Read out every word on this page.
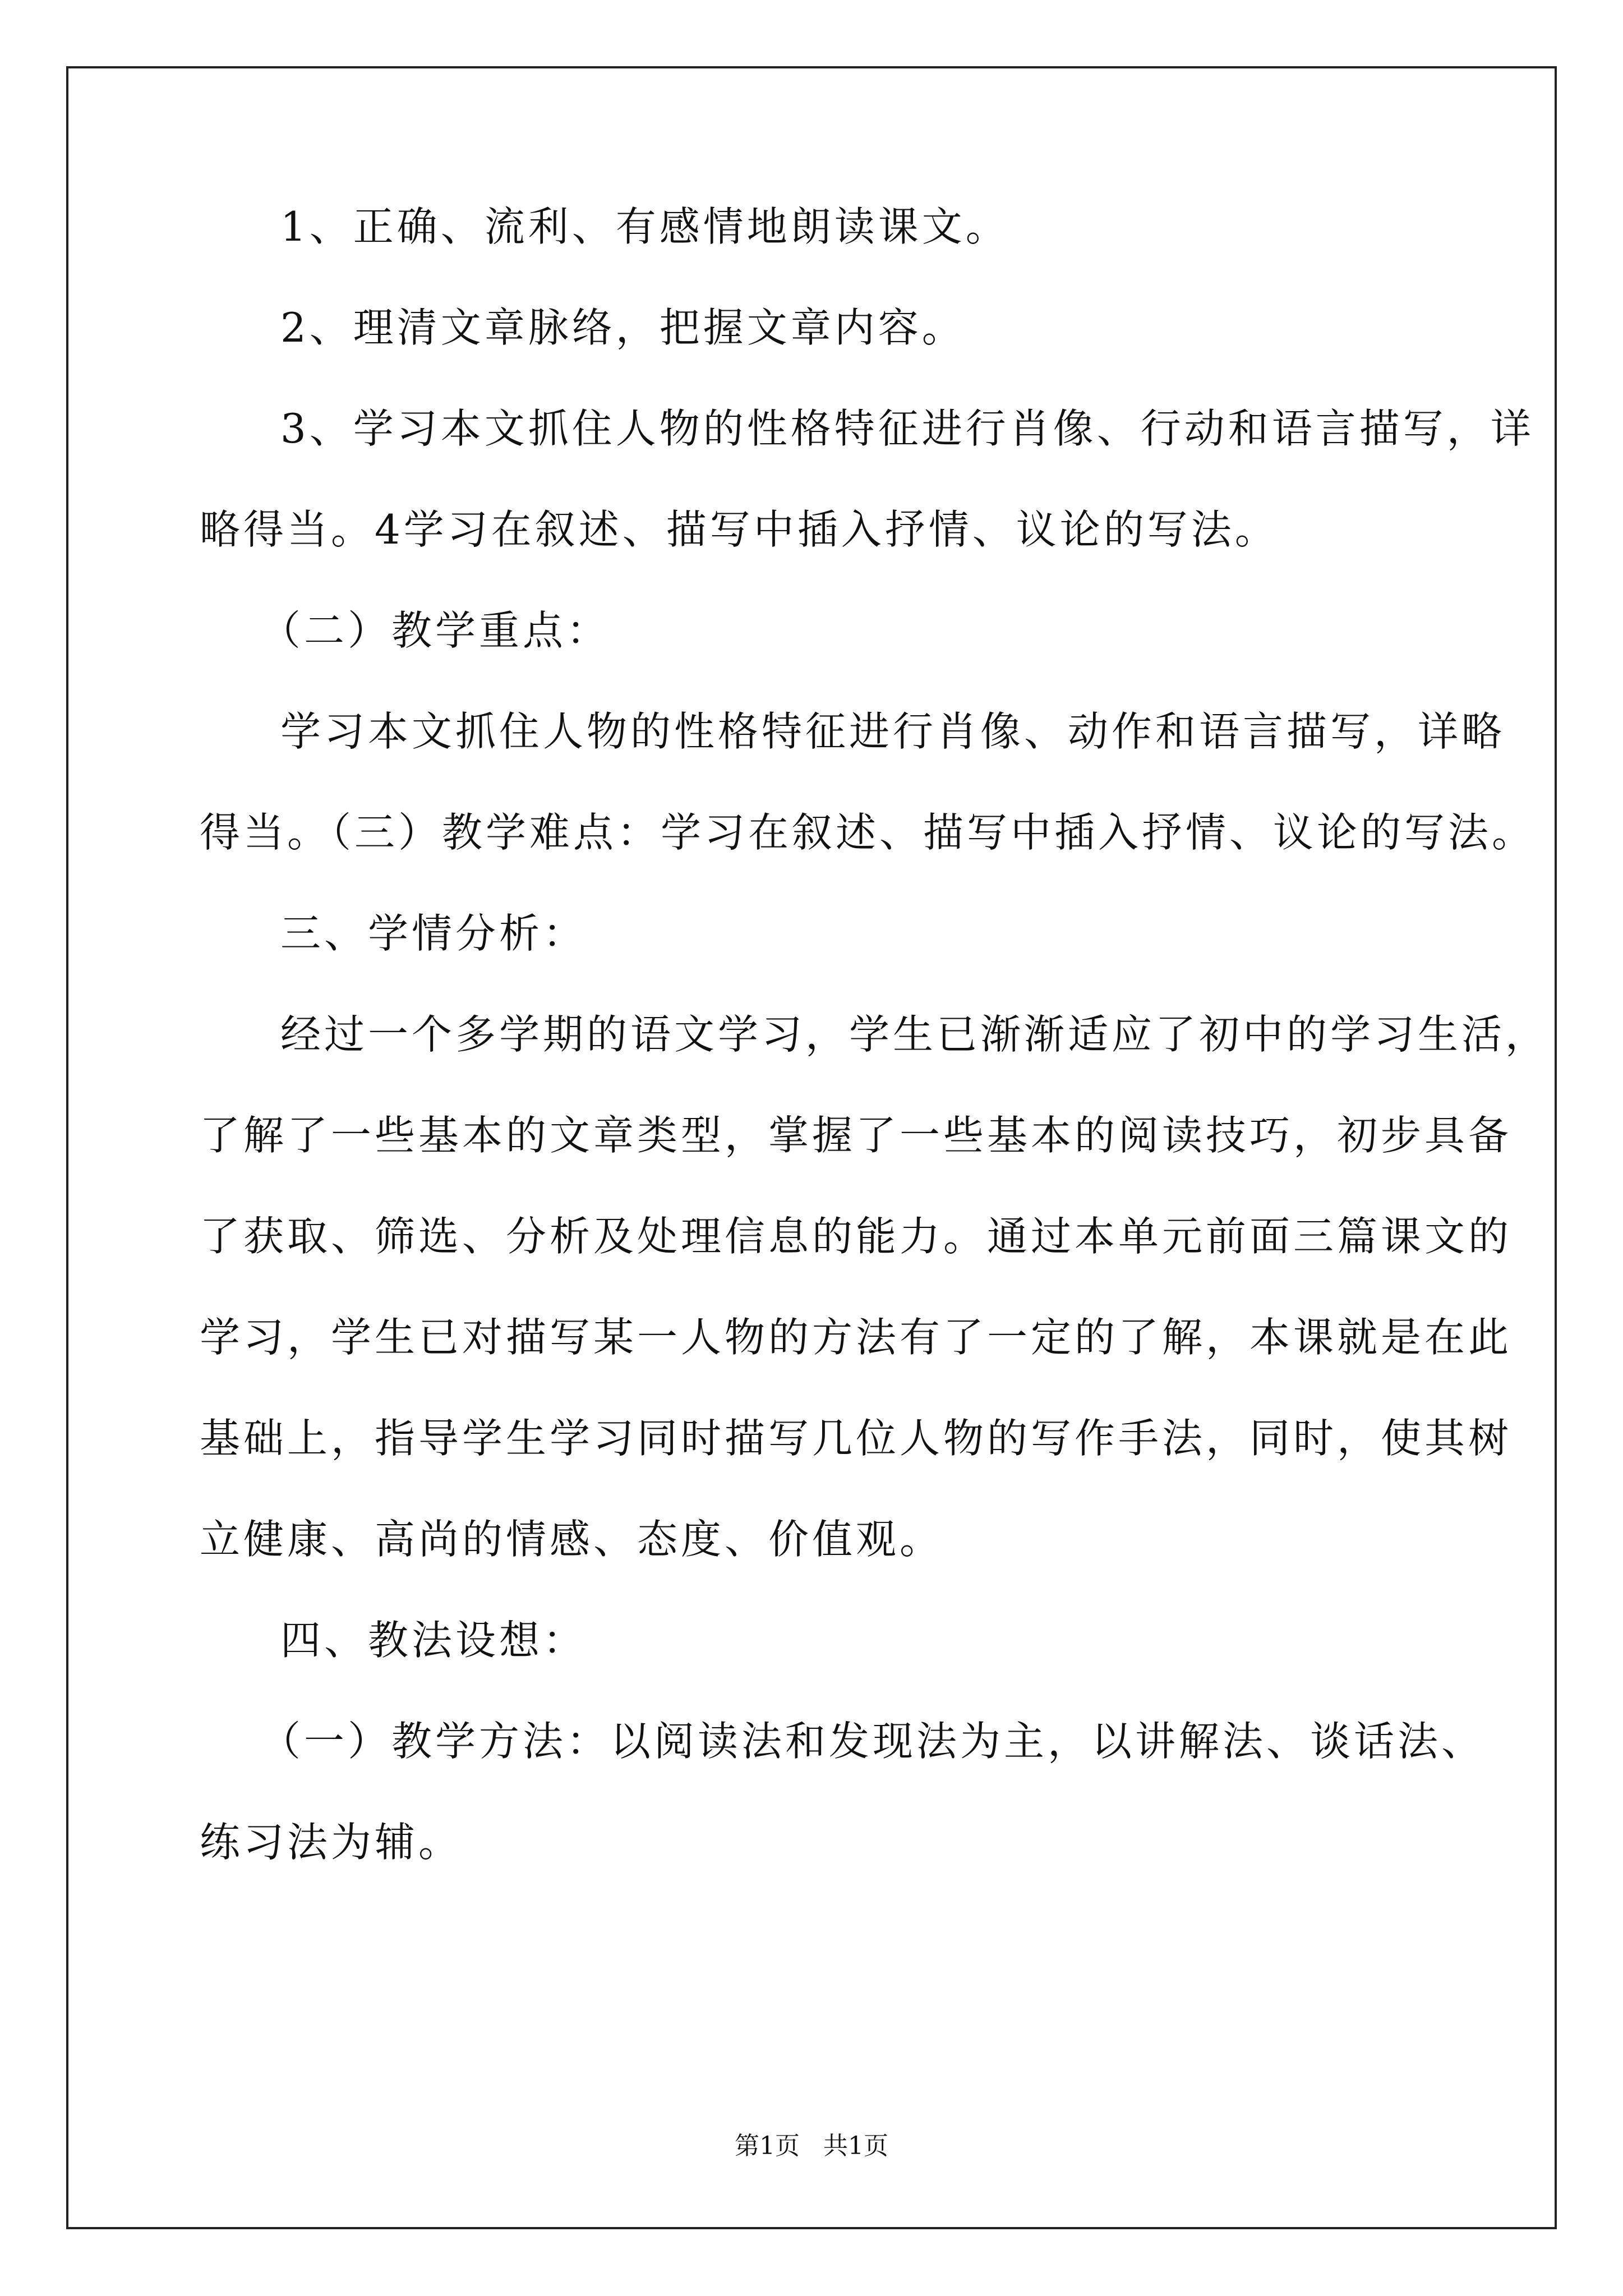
1、正确、流利、有感情地朗读课文。
2、理清文章脉络，把握文章内容。
3、学习本文抓住人物的性格特征进行肖像、行动和语言描写，详
略得当。4学习在叙述、描写中插入抒情、议论的写法。
（二）教学重点：
学习本文抓住人物的性格特征进行肖像、动作和语言描写，详略
得当。（三）教学难点：学习在叙述、描写中插入抒情、议论的写法。
三、学情分析：
经过一个多学期的语文学习，学生已渐渐适应了初中的学习生活，
了解了一些基本的文章类型，掌握了一些基本的阅读技巧，初步具备
了获取、筛选、分析及处理信息的能力。通过本单元前面三篇课文的
学习，学生已对描写某一人物的方法有了一定的了解，本课就是在此
基础上，指导学生学习同时描写几位人物的写作手法，同时，使其树
立健康、高尚的情感、态度、价值观。
四、教法设想：
（一）教学方法：以阅读法和发现法为主，以讲解法、谈话法、
练习法为辅。
第1页   共1页
